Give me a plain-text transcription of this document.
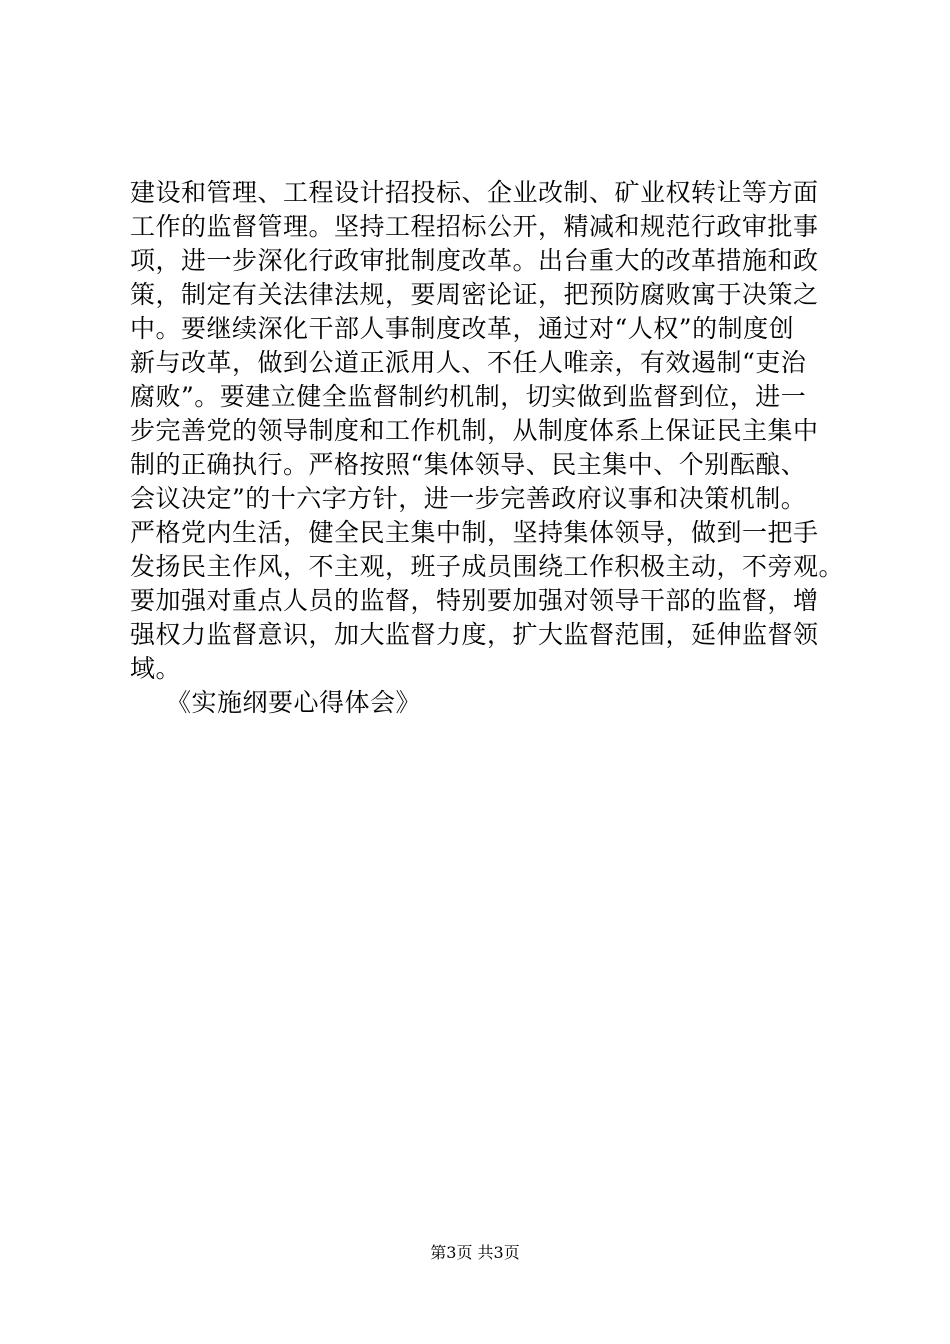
建设和管理、工程设计招投标、企业改制、矿业权转让等方面
工作的监督管理。坚持工程招标公开，精减和规范行政审批事
项，进一步深化行政审批制度改革。出台重大的改革措施和政
策，制定有关法律法规，要周密论证，把预防腐败寓于决策之
中。要继续深化干部人事制度改革，通过对“人权”的制度创
新与改革，做到公道正派用人、不任人唯亲，有效遏制“吏治
腐败”。要建立健全监督制约机制，切实做到监督到位，进一
步完善党的领导制度和工作机制，从制度体系上保证民主集中
制的正确执行。严格按照“集体领导、民主集中、个别酝酿、
会议决定”的十六字方针，进一步完善政府议事和决策机制。
严格党内生活，健全民主集中制，坚持集体领导，做到一把手
发扬民主作风，不主观，班子成员围绕工作积极主动，不旁观。
要加强对重点人员的监督，特别要加强对领导干部的监督，增
强权力监督意识，加大监督力度，扩大监督范围，延伸监督领
域。
《实施纲要心得体会》
第3页 共3页
